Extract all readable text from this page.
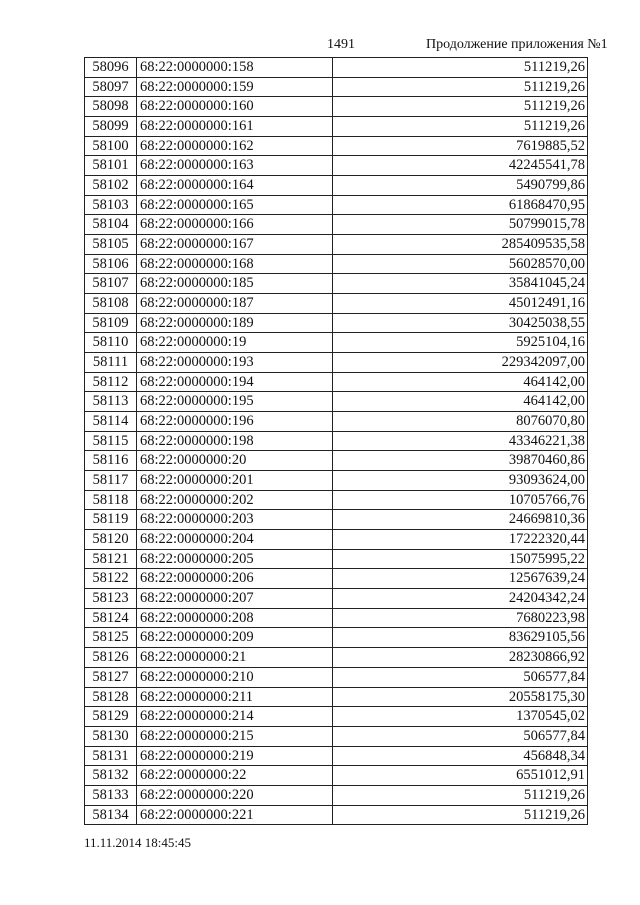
1491	Продолжение приложения №1
58096 68:22:0000000:158	511219,26
58097 68:22:0000000:159	511219,26
58098 68:22:0000000:160	511219,26
58099 68:22:0000000:161	511219,26
58100 68:22:0000000:162	7619885,52
58101 68:22:0000000:163	42245541,78
58102 68:22:0000000:164	5490799,86
58103 68:22:0000000:165	61868470,95
58104 68:22:0000000:166	50799015,78
58105 68:22:0000000:167	285409535,58
58106 68:22:0000000:168	56028570,00
58107 68:22:0000000:185	35841045,24
58108 68:22:0000000:187	45012491,16
58109 68:22:0000000:189	30425038,55
58110 68:22:0000000:19	5925104,16
58111 68:22:0000000:193	229342097,00
58112 68:22:0000000:194	464142,00
58113 68:22:0000000:195	464142,00
58114 68:22:0000000:196	8076070,80
58115 68:22:0000000:198	43346221,38
58116 68:22:0000000:20	39870460,86
58117 68:22:0000000:201	93093624,00
58118 68:22:0000000:202	10705766,76
58119 68:22:0000000:203	24669810,36
58120 68:22:0000000:204	17222320,44
58121 68:22:0000000:205	15075995,22
58122 68:22:0000000:206	12567639,24
58123 68:22:0000000:207	24204342,24
58124 68:22:0000000:208	7680223,98
58125 68:22:0000000:209	83629105,56
58126 68:22:0000000:21	28230866,92
58127 68:22:0000000:210	506577,84
58128 68:22:0000000:211	20558175,30
58129 68:22:0000000:214	1370545,02
58130 68:22:0000000:215	506577,84
58131 68:22:0000000:219	456848,34
58132 68:22:0000000:22	6551012,91
58133 68:22:0000000:220	511219,26
58134 68:22:0000000:221	511219,26
11.11.2014 18:45:45
